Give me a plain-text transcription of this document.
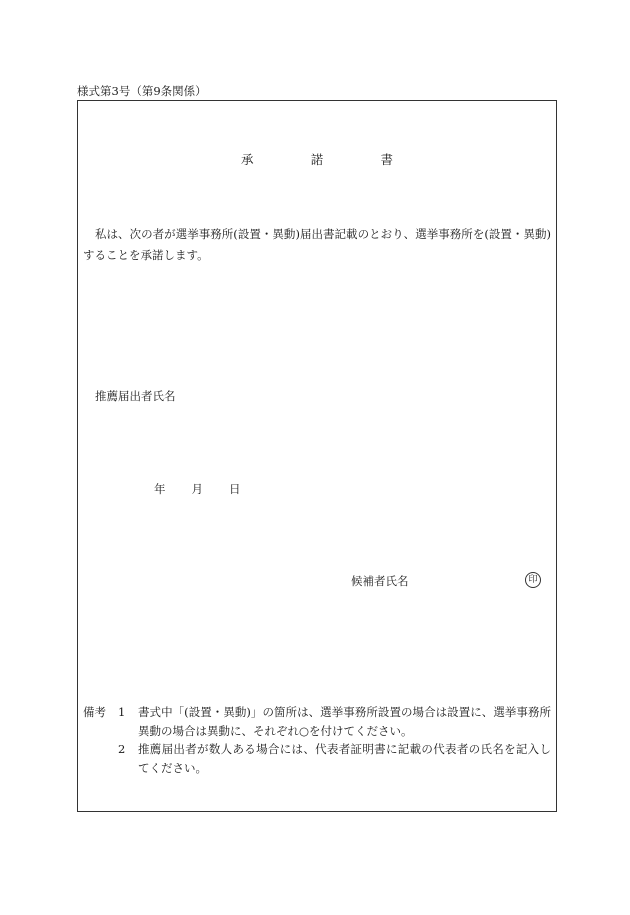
様式第3号（第9条関係）
承	諾	書
私は、次の者が選挙事務所(設置・異動)届出書記載のとおり、選挙事務所を(設置・異動)することを承諾します。
推薦届出者氏名
年 月 日
候補者氏名	印
備考 1	書式中「(設置・異動)」の箇所は、選挙事務所設置の場合は設置に、選挙事務所異動の場合は異動に、それぞれ○を付けてください。
2	推薦届出者が数人ある場合には、代表者証明書に記載の代表者の氏名を記入してください。
